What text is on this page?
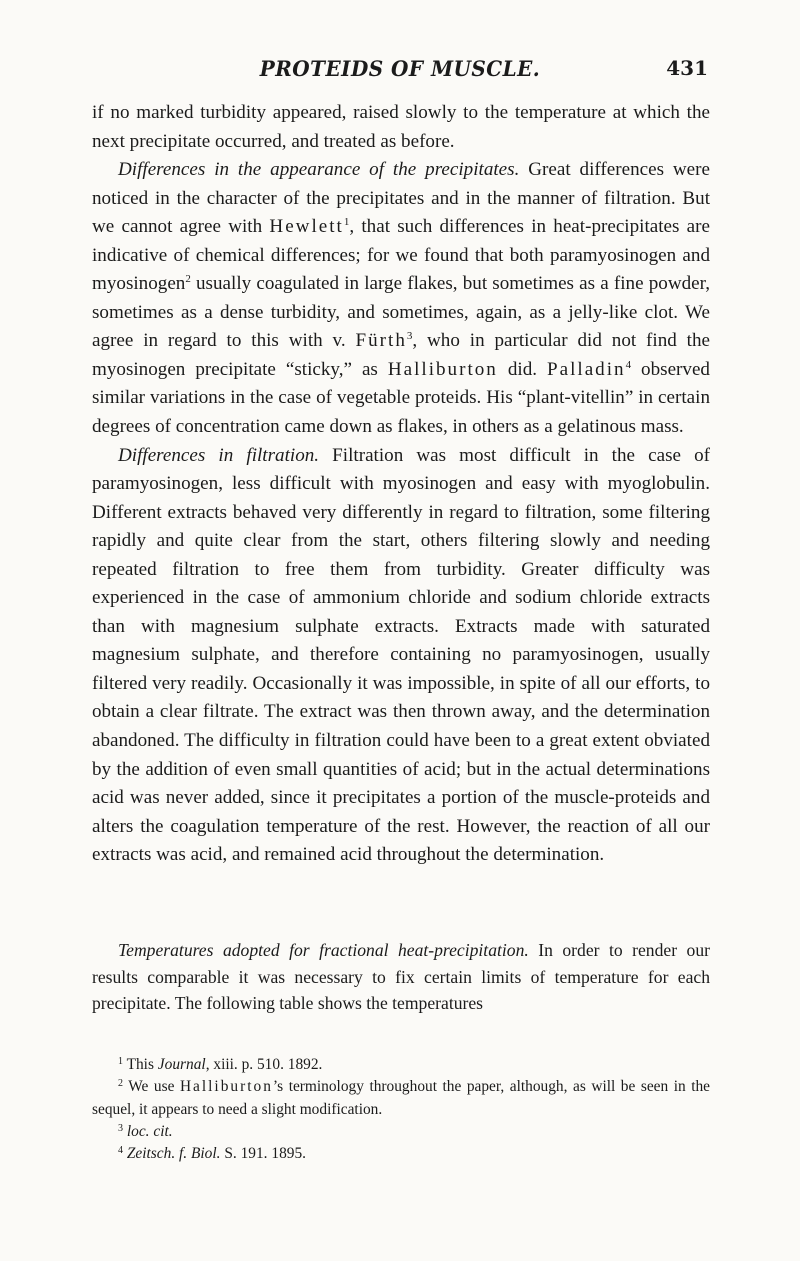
PROTEIDS OF MUSCLE.	431

if no marked turbidity appeared, raised slowly to the temperature at which the next precipitate occurred, and treated as before.

Differences in the appearance of the precipitates. Great differences were noticed in the character of the precipitates and in the manner of filtration. But we cannot agree with Hewlett$^1$, that such differences in heat-precipitates are indicative of chemical differences; for we found that both paramyosinogen and myosinogen$^2$ usually coagulated in large flakes, but sometimes as a fine powder, sometimes as a dense turbidity, and sometimes, again, as a jelly-like clot. We agree in regard to this with v. Fürth$^3$, who in particular did not find the myosinogen precipitate “sticky,” as Halliburton did. Palladin$^4$ observed similar variations in the case of vegetable proteids. His “plant-vitellin” in certain degrees of concentration came down as flakes, in others as a gelatinous mass.

Differences in filtration. Filtration was most difficult in the case of paramyosinogen, less difficult with myosinogen and easy with myoglobulin. Different extracts behaved very differently in regard to filtration, some filtering rapidly and quite clear from the start, others filtering slowly and needing repeated filtration to free them from turbidity. Greater difficulty was experienced in the case of ammonium chloride and sodium chloride extracts than with magnesium sulphate extracts. Extracts made with saturated magnesium sulphate, and therefore containing no paramyosinogen, usually filtered very readily. Occasionally it was impossible, in spite of all our efforts, to obtain a clear filtrate. The extract was then thrown away, and the determination abandoned. The difficulty in filtration could have been to a great extent obviated by the addition of even small quantities of acid; but in the actual determinations acid was never added, since it precipitates a portion of the muscle-proteids and alters the coagulation temperature of the rest. However, the reaction of all our extracts was acid, and remained acid throughout the determination.

Temperatures adopted for fractional heat-precipitation. In order to render our results comparable it was necessary to fix certain limits of temperature for each precipitate. The following table shows the temperatures

$^1$ This Journal, xiii. p. 510. 1892.

$^2$ We use Halliburton’s terminology throughout the paper, although, as will be seen in the sequel, it appears to need a slight modification.

$^3$ loc. cit.

$^4$ Zeitsch. f. Biol. S. 191. 1895.
